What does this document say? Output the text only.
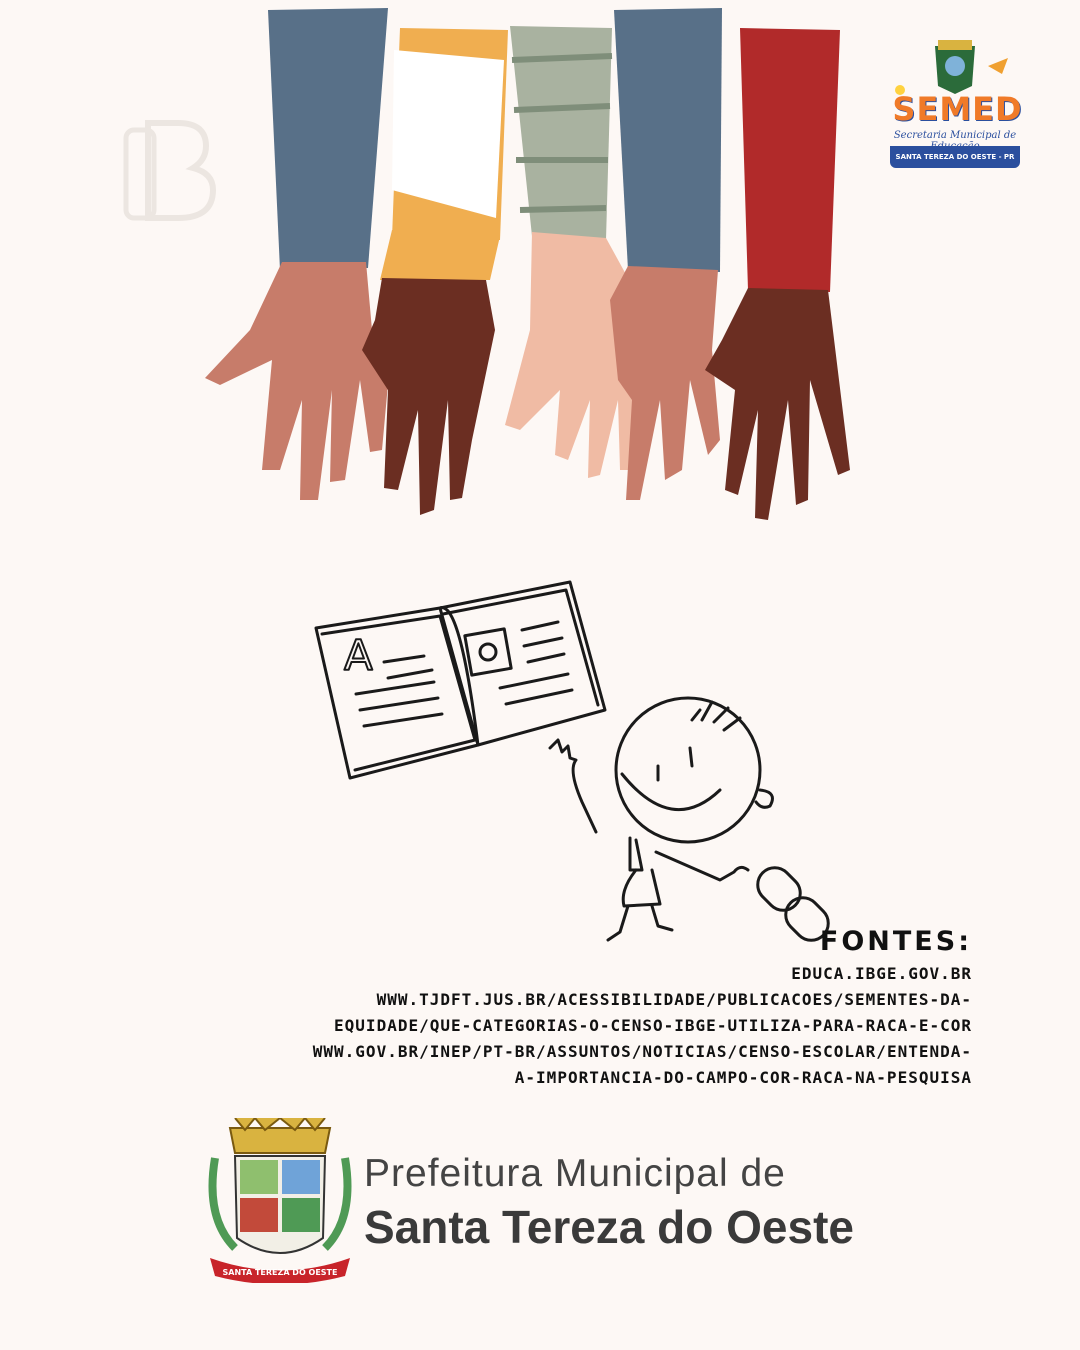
SEMED
Secretaria Municipal de
SANTA TEREZA DO OESTE - PR
A
FONTES:
EDUCA.IBGE.GOV.BR
WWW.TJDFT.JUS.BR/ACESSIBILIDADE/PUBLICACOES/SEMENTES-DA-
EQUIDADE/QUE-CATEGORIAS-O-CENSO-IBGE-UTILIZA-PARA-RACA-E-COR
WWW.GOV.BR/INEP/PT-BR/ASSUNTOS/NOTICIAS/CENSO-ESCOLAR/ENTENDA-
A-IMPORTANCIA-DO-CAMPO-COR-RACA-NA-PESQUISA
SANTA TEREZA DO OESTE
Prefeitura Municipal de
Santa Tereza do Oeste
